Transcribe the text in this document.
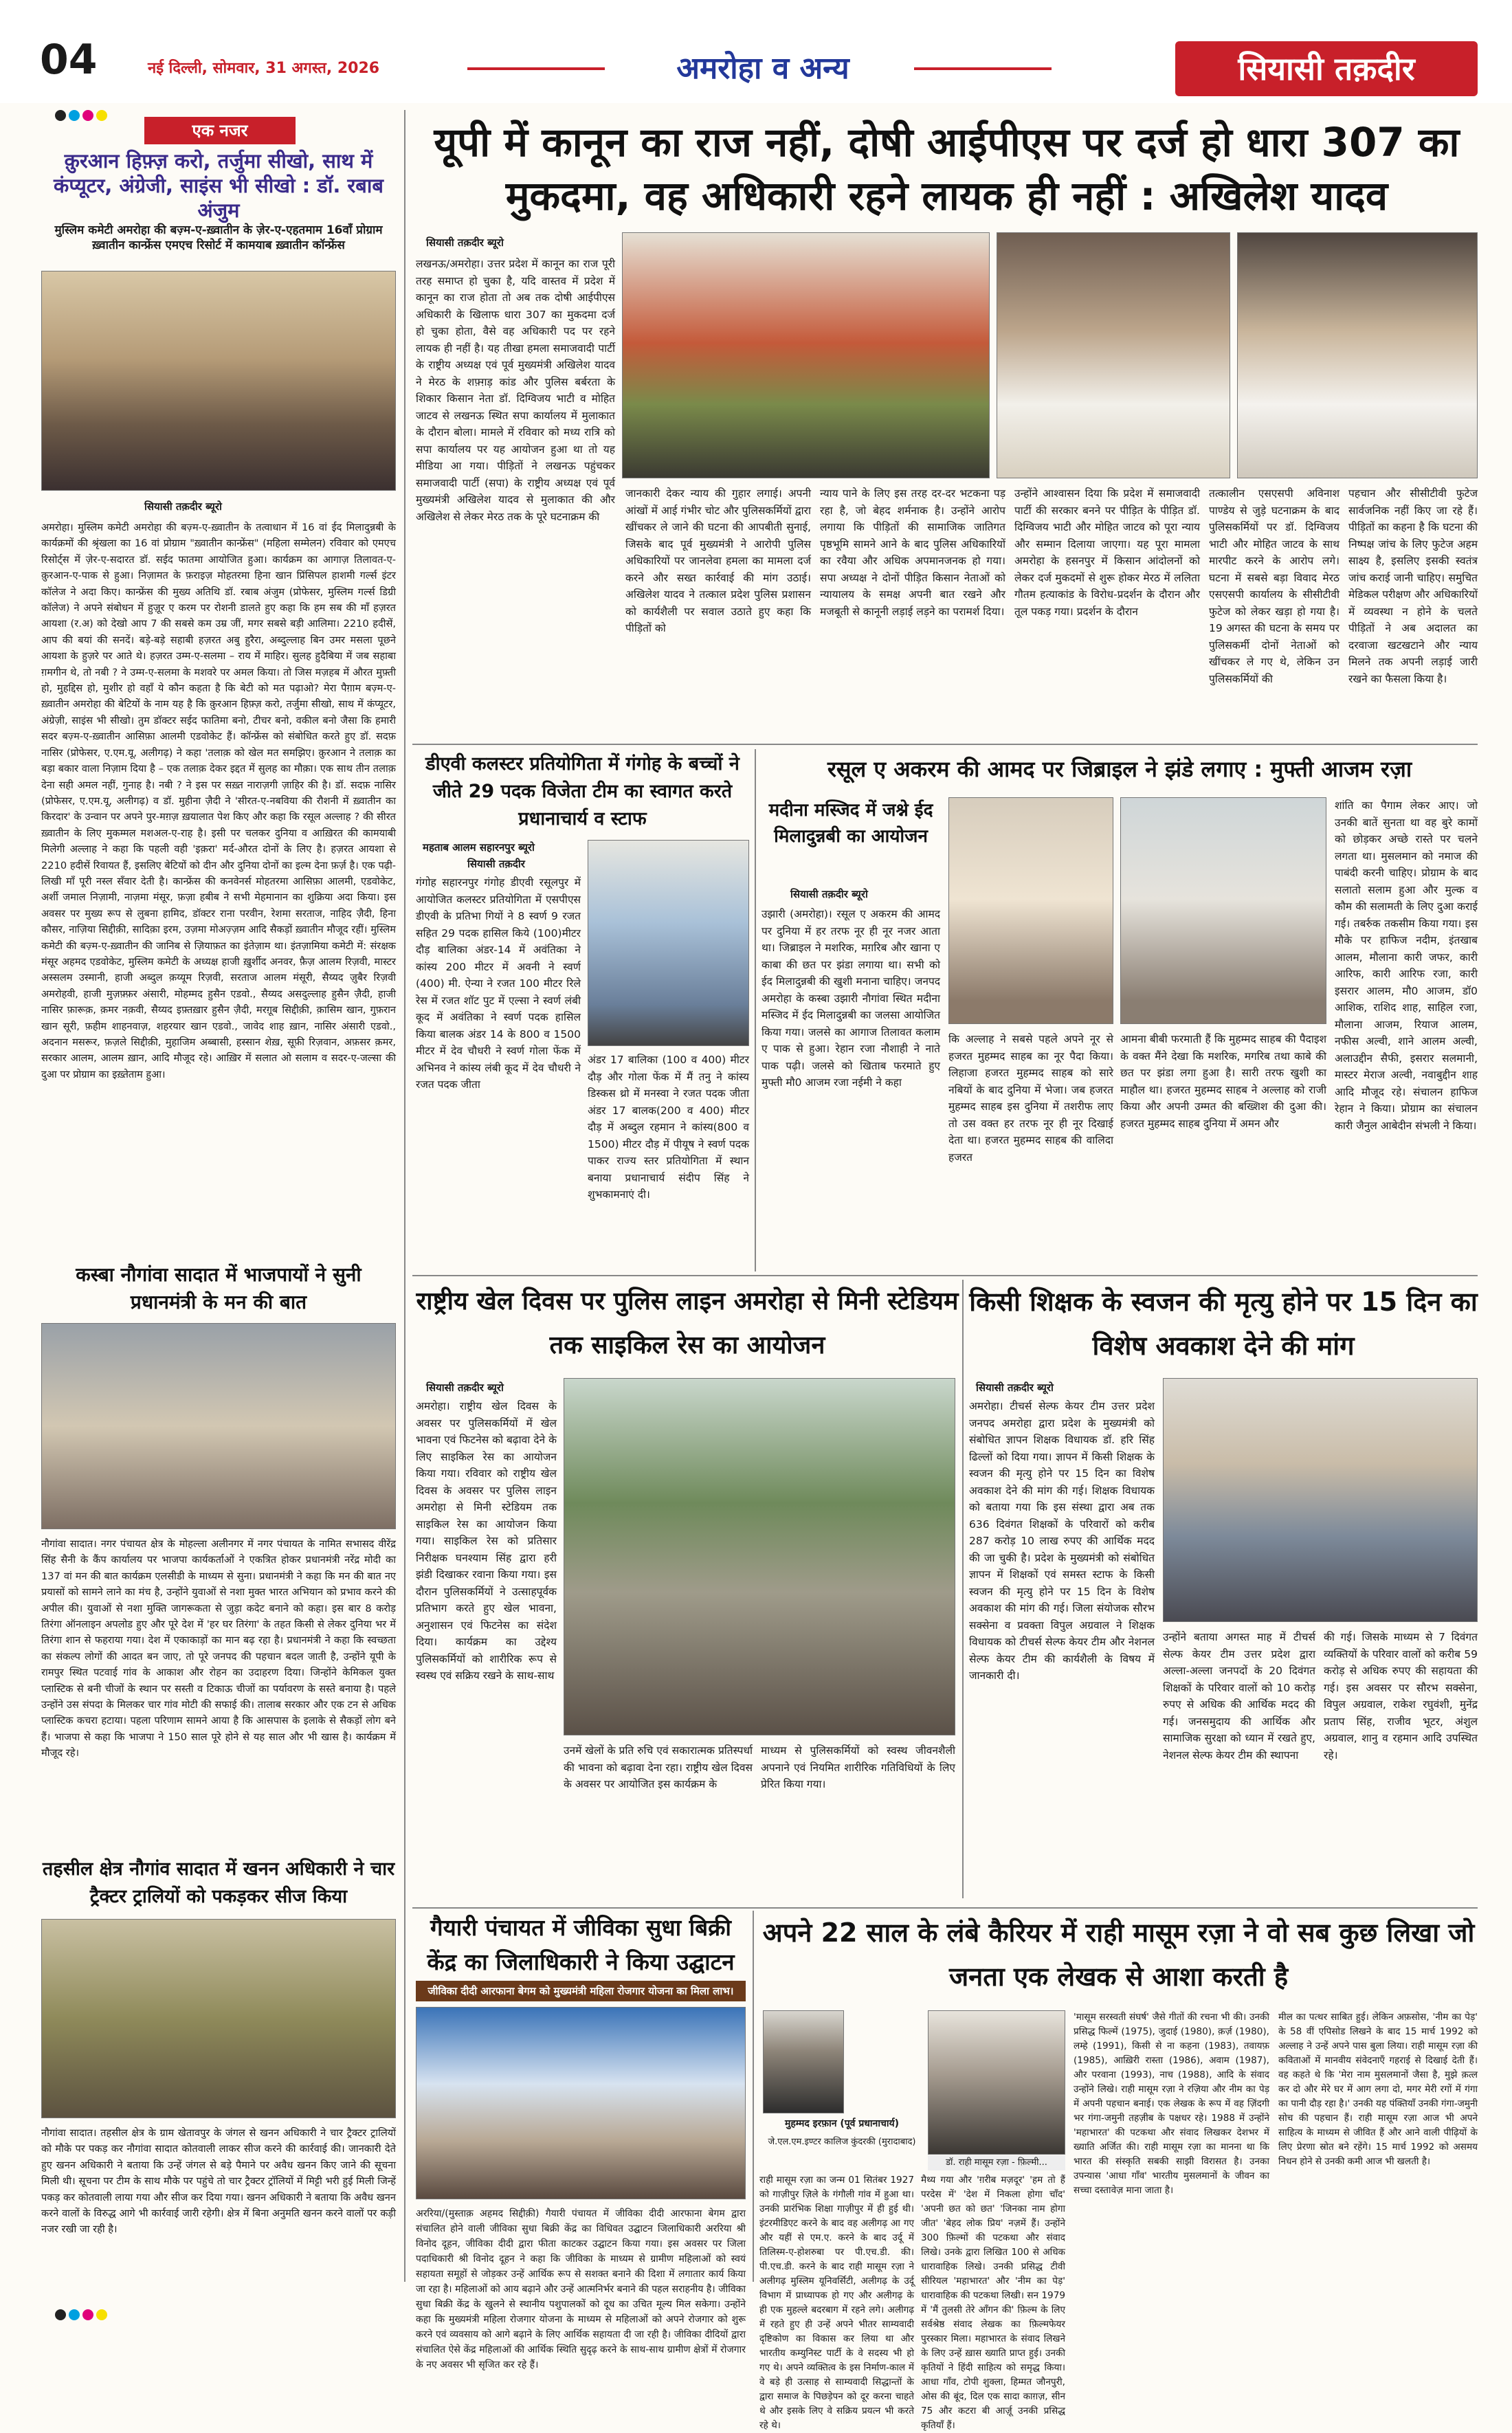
04	नई दिल्ली, सोमवार, 31 अगस्त, 2026	अमरोहा व अन्य	सियासी तक़दीर
एक नजर
क़ुरआन हिफ़्ज़ करो, तर्जुमा सीखो, साथ में कंप्यूटर, अंग्रेजी, साइंस भी सीखो : डॉ. रबाब अंजुम
मुस्लिम कमेटी अमरोहा की बज़्म-ए-ख़्वातीन के ज़ेर-ए-एहतमाम 16वाँ प्रोग्राम ख़्वातीन कान्फ्रेंस एमएच रिसोर्ट में कामयाब ख़्वातीन कॉन्फ्रेंस
सियासी तक़दीर ब्यूरो
अमरोहा। मुस्लिम कमेटी अमरोहा की बज़्म-ए-ख़्वातीन के तत्वाधान में 16 वां ईद मिलादुन्नबी के कार्यक्रमों की श्रृंखला का 16 वां प्रोग्राम "ख़्वातीन कान्फ्रेंस" (महिला सम्मेलन) रविवार को एमएच रिसोर्ट्स में ज़ेर-ए-सदारत डॉ. सईद फातमा आयोजित हुआ। कार्यक्रम का आगाज़ तिलावत-ए-क़ुरआन-ए-पाक से हुआ। निज़ामत के फ़राइज़ मोहतरमा हिना खान प्रिंसिपल हाशमी गर्ल्स इंटर कॉलेज ने अदा किए। कान्फ्रेंस की मुख्य अतिथि डॉ. रबाब अंजुम (प्रोफेसर, मुस्लिम गर्ल्स डिग्री कॉलेज) ने अपने संबोधन में हुज़ूर ए करम पर रोशनी डालते हुए कहा कि हम सब की माँ हज़रत आयशा (र.अ) को देखो आप 7 की सबसे कम उम्र जीं, मगर सबसे बड़ी आलिमा। 2210 हदीसें, आप की बयां की सनदें। बड़े-बड़े सहाबी हज़रत अबु हुरैरा, अब्दुल्लाह बिन उमर मसला पूछने आयशा के हुज़रे पर आते थे। हज़रत उम्म-ए-सलमा – राय में माहिर। सुलह हुदैबिया में जब सहाबा ग़मगीन थे, तो नबी ? ने उम्म-ए-सलमा के मशवरे पर अमल किया। तो जिस मज़हब में औरत मुफ़्ती हो, मुहद्दिस हो, मुशीर हो वहाँ ये कौन कहता है कि बेटी को मत पढ़ाओ? मेरा पैग़ाम बज़्म-ए-ख़्वातीन अमरोहा की बेटियों के नाम यह है कि क़ुरआन हिफ़्ज़ करो, तर्जुमा सीखो, साथ में कंप्यूटर, अंग्रेज़ी, साइंस भी सीखो। तुम डॉक्टर सईद फातिमा बनो, टीचर बनो, वकील बनो जैसा कि हमारी सदर बज़्म-ए-ख़्वातीन आसिफ़ा आलमी एडवोकेट हैं। कॉन्फ्रेंस को संबोधित करते हुए डॉ. सदफ़ नासिर (प्रोफेसर, ए.एम.यू, अलीगढ़) ने कहा 'तलाक़ को खेल मत समझिए। क़ुरआन ने तलाक़ का बड़ा बकार वाला निज़ाम दिया है – एक तलाक़ देकर इद्दत में सुलह का मौक़ा। एक साथ तीन तलाक़ देना सही अमल नहीं, गुनाह है। नबी ? ने इस पर सख़्त नाराज़गी ज़ाहिर की है। डॉ. सदफ़ नासिर (प्रोफेसर, ए.एम.यू, अलीगढ़) व डॉ. मुहीना ज़ैदी ने 'सीरत-ए-नबविया की रौशनी में ख़्वातीन का किरदार' के उन्वान पर अपने पुर-मग़ज़ ख़यालात पेश किए और कहा कि रसूल अल्लाह ? की सीरत ख़्वातीन के लिए मुकम्मल मशअल-ए-राह है। इसी पर चलकर दुनिया व आख़िरत की कामयाबी मिलेगी अल्लाह ने कहा कि पहली वही 'इक़रा' मर्द-औरत दोनों के लिए है। हज़रत आयशा से 2210 हदीसें रिवायत हैं, इसलिए बेटियों को दीन और दुनिया दोनों का इल्म देना फ़र्ज़ है। एक पढ़ी-लिखी माँ पूरी नस्ल सँवार देती है। कान्फ्रेंस की कनवेनर्स मोहतरमा आसिफ़ा आलमी, एडवोकेट, अर्शी जमाल निज़ामी, नाज़मा मंसूर, फ़ज़ा हबीब ने सभी मेहमानान का शुक्रिया अदा किया। इस अवसर पर मुख्य रूप से लुबना हामिद, डॉक्टर राना परवीन, रेशमा सरताज, नाहिद ज़ैदी, हिना कौसर, नाज़िया सिद्दीक़ी, सादिक़ा इरम, उज़मा मोअज़्ज़म आदि सैकड़ों ख़्वातीन मौजूद रहीं। मुस्लिम कमेटी की बज़्म-ए-ख़्वातीन की जानिब से ज़ियाफ़त का इंतेज़ाम था। इंतज़ामिया कमेटी में: संरक्षक मंसूर अहमद एडवोकेट, मुस्लिम कमेटी के अध्यक्ष हाजी ख़ुर्शीद अनवर, फ़ैज़ आलम रिज़वी, मास्टर अस्सलम उस्मानी, हाजी अब्दुल क़य्यूम रिज़वी, सरताज आलम मंसूरी, सैय्यद ज़ुबैर रिज़वी अमरोहवी, हाजी मुज़फ़्फ़र अंसारी, मोहम्मद हुसैन एडवो., सैय्यद असदुल्लाह हुसैन ज़ैदी, हाजी नासिर फ़ारूक़, क़मर नक़वी, सैय्यद इफ़्तख़ार हुसैन ज़ैदी, मरग़ूब सिद्दीक़ी, क़ासिम खान, गुफ़रान खान सूरी, फ़हीम शाहनवाज़, शहरयार खान एडवो., जावेद शाह ख़ान, नासिर अंसारी एडवो., अदनान मसरूर, फ़ज़ले सिद्दीक़ी, मुहाजिम अब्बासी, हस्सान शेख़, सूफ़ी रिज़वान, अफ़सर क़मर, सरकार आलम, आलम ख़ान, आदि मौजूद रहे। आख़िर में सलात ओ सलाम व सदर-ए-जल्सा की दुआ पर प्रोग्राम का इख़्तेताम हुआ।
कस्बा नौगांवा सादात में भाजपायों ने सुनी प्रधानमंत्री के मन की बात
नौगांवा सादात। नगर पंचायत क्षेत्र के मोहल्ला अलीनगर में नगर पंचायत के नामित सभासद वीरेंद्र सिंह सैनी के कैंप कार्यालय पर भाजपा कार्यकर्ताओं ने एकत्रित होकर प्रधानमंत्री नरेंद्र मोदी का 137 वां मन की बात कार्यक्रम एलसीडी के माध्यम से सुना। प्रधानमंत्री ने कहा कि मन की बात नए प्रयासों को सामने लाने का मंच है, उन्होंने युवाओं से नशा मुक्त भारत अभियान को प्रभाव करने की अपील की। युवाओं से नशा मुक्ति जागरूकता से जुड़ा कदेट बनाने को कहा। इस बार 8 करोड़ तिरंगा ऑनलाइन अपलोड हुए और पूरे देश में 'हर घर तिरंगा' के तहत किसी से लेकर दुनिया भर में तिरंगा शान से फहराया गया। देश में एकाकाड़ों का मान बढ़ रहा है। प्रधानमंत्री ने कहा कि स्वच्छता का संकल्प लोगों की आदत बन जाए, तो पूरे जनपद की पहचान बदल जाती है, उन्होंने यूपी के रामपुर स्थित पटवाई गांव के आकाश और रोहन का उदाहरण दिया। जिन्होंने केमिकल युक्त प्लास्टिक से बनी चीजों के स्थान पर सस्ती व टिकाऊ चीजों का पर्यावरण के सस्ते बनाया है। पहले उन्होंने उस संपदा के मिलकर चार गांव मोटी की सफाई की। तालाब सरकार और एक टन से अधिक प्लास्टिक कचरा हटाया। पहला परिणाम सामने आया है कि आसपास के इलाके से सैकड़ों लोग बने हैं। भाजपा से कहा कि भाजपा ने 150 साल पूरे होने से यह साल और भी खास है। कार्यक्रम में मौजूद रहे।
तहसील क्षेत्र नौगांव सादात में खनन अधिकारी ने चार ट्रैक्टर ट्रालियों को पकड़कर सीज किया
नौगांवा सादात। तहसील क्षेत्र के ग्राम खेतावपुर के जंगल से खनन अधिकारी ने चार ट्रैक्टर ट्रालियों को मौके पर पकड़ कर नौगांवा सादात कोतवाली लाकर सीज करने की कार्रवाई की। जानकारी देते हुए खनन अधिकारी ने बताया कि उन्हें जंगल से बड़े पैमाने पर अवैध खनन किए जाने की सूचना मिली थी। सूचना पर टीम के साथ मौके पर पहुंचे तो चार ट्रैक्टर ट्रॉलियों में मिट्टी भरी हुई मिली जिन्हें पकड़ कर कोतवाली लाया गया और सीज कर दिया गया। खनन अधिकारी ने बताया कि अवैध खनन करने वालों के विरुद्ध आगे भी कार्रवाई जारी रहेगी। क्षेत्र में बिना अनुमति खनन करने वालों पर कड़ी नजर रखी जा रही है।
यूपी में कानून का राज नहीं, दोषी आईपीएस पर दर्ज हो धारा 307 का मुकदमा, वह अधिकारी रहने लायक ही नहीं : अखिलेश यादव
सियासी तक़दीर ब्यूरो
लखनऊ/अमरोहा। उत्तर प्रदेश में कानून का राज पूरी तरह समाप्त हो चुका है, यदि वास्तव में प्रदेश में कानून का राज होता तो अब तक दोषी आईपीएस अधिकारी के खिलाफ धारा 307 का मुकदमा दर्ज हो चुका होता, वैसे वह अधिकारी पद पर रहने लायक ही नहीं है। यह तीखा हमला समाजवादी पार्टी के राष्ट्रीय अध्यक्ष एवं पूर्व मुख्यमंत्री अखिलेश यादव ने मेरठ के शफ़्ग़ड़ कांड और पुलिस बर्बरता के शिकार किसान नेता डॉ. दिग्विजय भाटी व मोहित जाटव से लखनऊ स्थित सपा कार्यालय में मुलाकात के दौरान बोला। मामले में रविवार को मध्य रात्रि को सपा कार्यालय पर यह आयोजन हुआ था तो यह मीडिया आ गया। पीड़ितों ने लखनऊ पहुंचकर समाजवादी पार्टी (सपा) के राष्ट्रीय अध्यक्ष एवं पूर्व मुख्यमंत्री अखिलेश यादव से मुलाकात की और अखिलेश से लेकर मेरठ तक के पूरे घटनाक्रम की
जानकारी देकर न्याय की गुहार लगाई। अपनी आंखों में आई गंभीर चोट और पुलिसकर्मियों द्वारा खींचकर ले जाने की घटना की आपबीती सुनाई, जिसके बाद पूर्व मुख्यमंत्री ने आरोपी पुलिस अधिकारियों पर जानलेवा हमला का मामला दर्ज करने और सख्त कार्रवाई की मांग उठाई। अखिलेश यादव ने तत्काल प्रदेश पुलिस प्रशासन को कार्यशैली पर सवाल उठाते हुए कहा कि पीड़ितों को
न्याय पाने के लिए इस तरह दर-दर भटकना पड़ रहा है, जो बेहद शर्मनाक है। उन्होंने आरोप लगाया कि पीड़ितों की सामाजिक जातिगत पृष्ठभूमि सामने आने के बाद पुलिस अधिकारियों का रवैया और अधिक अपमानजनक हो गया। सपा अध्यक्ष ने दोनों पीड़ित किसान नेताओं को न्यायालय के समक्ष अपनी बात रखने और मजबूती से कानूनी लड़ाई लड़ने का परामर्श दिया।
उन्होंने आश्वासन दिया कि प्रदेश में समाजवादी पार्टी की सरकार बनने पर पीड़ित के पीड़ित डॉ. दिग्विजय भाटी और मोहित जाटव को पूरा न्याय और सम्मान दिलाया जाएगा। यह पूरा मामला अमरोहा के हसनपुर में किसान आंदोलनों को लेकर दर्ज मुकदमों से शुरू होकर मेरठ में ललिता गौतम हत्याकांड के विरोध-प्रदर्शन के दौरान और तूल पकड़ गया। प्रदर्शन के दौरान
तत्कालीन एसएसपी अविनाश पाण्डेय से जुड़े घटनाक्रम के बाद पुलिसकर्मियों पर डॉ. दिग्विजय भाटी और मोहित जाटव के साथ मारपीट करने के आरोप लगे। घटना में सबसे बड़ा विवाद मेरठ एसएसपी कार्यालय के सीसीटीवी फुटेज को लेकर खड़ा हो गया है। 19 अगस्त की घटना के समय पर पुलिसकर्मी दोनों नेताओं को खींचकर ले गए थे, लेकिन उन पुलिसकर्मियों की
पहचान और सीसीटीवी फुटेज सार्वजनिक नहीं किए जा रहे हैं। पीड़ितों का कहना है कि घटना की निष्पक्ष जांच के लिए फुटेज अहम साक्ष्य है, इसलिए इसकी स्वतंत्र जांच कराई जानी चाहिए। समुचित मेडिकल परीक्षण और अधिकारियों में व्यवस्था न होने के चलते पीड़ितों ने अब अदालत का दरवाजा खटखटाने और न्याय मिलने तक अपनी लड़ाई जारी रखने का फैसला किया है।
डीएवी कलस्टर प्रतियोगिता में गंगोह के बच्चों ने जीते 29 पदक विजेता टीम का स्वागत करते प्रधानाचार्य व स्टाफ
महताब आलम सहारनपुर ब्यूरो
सियासी तक़दीर
गंगोह सहारनपुर गंगोह डीएवी रसूलपुर में आयोजित कलस्टर प्रतियोगिता में एसपीएस डीएवी के प्रतिभा गियों ने 8 स्वर्ण 9 रजत सहित 29 पदक हासिल किये (100)मीटर दौड़ बालिका अंडर-14 में अवंतिका ने कांस्य 200 मीटर में अवनी ने स्वर्ण (400) मी. ऐन्या ने रजत 100 मीटर रिले रेस में रजत शॉट पुट में एल्सा ने स्वर्ण लंबी कूद में अवंतिका ने स्वर्ण पदक हासिल किया बालक अंडर 14 के 800 व 1500 मीटर में देव चौधरी ने स्वर्ण गोला फेंक में अभिनव ने कांस्य लंबी कूद में देव चौधरी ने रजत पदक जीता
अंडर 17 बालिका (100 व 400) मीटर दौड़ और गोला फेंक में मैं तनु ने कांस्य डिस्कस थ्रो में मनस्वा ने रजत पदक जीता अंडर 17 बालक(200 व 400) मीटर दौड़ में अब्दुल रहमान ने कांस्य(800 व 1500) मीटर दौड़ में पीयूष ने स्वर्ण पदक पाकर राज्य स्तर प्रतियोगिता में स्थान बनाया प्रधानाचार्य संदीप सिंह ने शुभकामनाएं दी।
रसूल ए अकरम की आमद पर जिब्राइल ने झंडे लगाए : मुफ्ती आजम रज़ा
मदीना मस्जिद में जश्ने ईद मिलादुन्नबी का आयोजन
सियासी तक़दीर ब्यूरो
उझारी (अमरोहा)। रसूल ए अकरम की आमद पर दुनिया में हर तरफ नूर ही नूर नजर आता था। जिब्राइल ने मशरिक, मग़रिब और खाना ए काबा की छत पर झंडा लगाया था। सभी को ईद मिलादुन्नबी की खुशी मनाना चाहिए। जनपद अमरोहा के कस्बा उझारी नौगांवा स्थित मदीना मस्जिद में ईद मिलादुन्नबी का जलसा आयोजित किया गया। जलसे का आगाज तिलावत कलाम ए पाक से हुआ। रेहान रजा नौशाही ने नाते पाक पढ़ी। जलसे को खिताब फरमाते हुए मुफ्ती मौ0 आजम रजा नईमी ने कहा
कि अल्लाह ने सबसे पहले अपने नूर से हजरत मुहम्मद साहब का नूर पैदा किया। लिहाजा हजरत मुहम्मद साहब को सारे नबियों के बाद दुनिया में भेजा। जब हजरत मुहम्मद साहब इस दुनिया में तशरीफ लाए तो उस वक्त हर तरफ नूर ही नूर दिखाई देता था। हजरत मुहम्मद साहब की वालिदा हजरत
आमना बीबी फरमाती हैं कि मुहम्मद साहब की पैदाइश के वक्त मैंने देखा कि मशरिक, मगरिब तथा काबे की छत पर झंडा लगा हुआ है। सारी तरफ खुशी का माहौल था। हजरत मुहम्मद साहब ने अल्लाह को राजी किया और अपनी उम्मत की बख्शिश की दुआ की। हजरत मुहम्मद साहब दुनिया में अमन और
शांति का पैगाम लेकर आए। जो उनकी बातें सुनता था वह बुरे कामों को छोड़कर अच्छे रास्ते पर चलने लगता था। मुसलमान को नमाज की पाबंदी करनी चाहिए। प्रोग्राम के बाद सलातो सलाम हुआ और मुल्क व कौम की सलामती के लिए दुआ कराई गई। तबर्रुक तकसीम किया गया। इस मौके पर हाफिज नदीम, इंतखाब आलम, मौलाना कारी जफर, कारी आरिफ, कारी आरिफ रजा, कारी इसरार आलम, मौ0 आजम, डॉ0 आशिक, राशिद शाह, साहिल रजा, मौलाना आजम, रियाज आलम, नफीस अल्वी, शाने आलम अल्वी, अलाउद्दीन सैफी, इसरार सलमानी, मास्टर मेराज अल्वी, नवाबुद्दीन शाह आदि मौजूद रहे। संचालन हाफिज रेहान ने किया। प्रोग्राम का संचालन कारी जैनुल आबेदीन संभली ने किया।
राष्ट्रीय खेल दिवस पर पुलिस लाइन अमरोहा से मिनी स्टेडियम तक साइकिल रेस का आयोजन
सियासी तक़दीर ब्यूरो
अमरोहा। राष्ट्रीय खेल दिवस के अवसर पर पुलिसकर्मियों में खेल भावना एवं फिटनेस को बढ़ावा देने के लिए साइकिल रेस का आयोजन किया गया। रविवार को राष्ट्रीय खेल दिवस के अवसर पर पुलिस लाइन अमरोहा से मिनी स्टेडियम तक साइकिल रेस का आयोजन किया गया। साइकिल रेस को प्रतिसार निरीक्षक घनश्याम सिंह द्वारा हरी झंडी दिखाकर रवाना किया गया। इस दौरान पुलिसकर्मियों ने उत्साहपूर्वक प्रतिभाग करते हुए खेल भावना, अनुशासन एवं फिटनेस का संदेश दिया। कार्यक्रम का उद्देश्य पुलिसकर्मियों को शारीरिक रूप से स्वस्थ एवं सक्रिय रखने के साथ-साथ
उनमें खेलों के प्रति रुचि एवं सकारात्मक प्रतिस्पर्धा की भावना को बढ़ावा देना रहा। राष्ट्रीय खेल दिवस के अवसर पर आयोजित इस कार्यक्रम के
माध्यम से पुलिसकर्मियों को स्वस्थ जीवनशैली अपनाने एवं नियमित शारीरिक गतिविधियों के लिए प्रेरित किया गया।
किसी शिक्षक के स्वजन की मृत्यु होने पर 15 दिन का विशेष अवकाश देने की मांग
सियासी तक़दीर ब्यूरो
अमरोहा। टीचर्स सेल्फ केयर टीम उत्तर प्रदेश जनपद अमरोहा द्वारा प्रदेश के मुख्यमंत्री को संबोधित ज्ञापन शिक्षक विधायक डॉ. हरि सिंह ढिल्लों को दिया गया। ज्ञापन में किसी शिक्षक के स्वजन की मृत्यु होने पर 15 दिन का विशेष अवकाश देने की मांग की गई। शिक्षक विधायक को बताया गया कि इस संस्था द्वारा अब तक 636 दिवंगत शिक्षकों के परिवारों को करीब 287 करोड़ 10 लाख रुपए की आर्थिक मदद की जा चुकी है। प्रदेश के मुख्यमंत्री को संबोधित ज्ञापन में शिक्षकों एवं समस्त स्टाफ के किसी स्वजन की मृत्यु होने पर 15 दिन के विशेष अवकाश की मांग की गई। जिला संयोजक सौरभ सक्सेना व प्रवक्ता विपुल अग्रवाल ने शिक्षक विधायक को टीचर्स सेल्फ केयर टीम और नेशनल सेल्फ केयर टीम की कार्यशैली के विषय में जानकारी दी।
उन्होंने बताया अगस्त माह में टीचर्स सेल्फ केयर टीम उत्तर प्रदेश द्वारा अल्ला-अल्ला जनपदों के 20 दिवंगत शिक्षकों के परिवार वालों को 10 करोड़ रुपए से अधिक की आर्थिक मदद की गई। जनसमुदाय की आर्थिक और सामाजिक सुरक्षा को ध्यान में रखते हुए, नेशनल सेल्फ केयर टीम की स्थापना
की गई। जिसके माध्यम से 7 दिवंगत व्यक्तियों के परिवार वालों को करीब 59 करोड़ से अधिक रुपए की सहायता की गई। इस अवसर पर सौरभ सक्सेना, विपुल अग्रवाल, राकेश रघुवंशी, मुनेंद्र प्रताप सिंह, राजीव भूटर, अंशुल अग्रवाल, शानु व रहमान आदि उपस्थित रहे।
गैयारी पंचायत में जीविका सुधा बिक्री केंद्र का जिलाधिकारी ने किया उद्घाटन
जीविका दीदी आरफाना बेगम को मुख्यमंत्री महिला रोजगार योजना का मिला लाभ।
अररिया/(मुस्ताक़ अहमद सिद्दीक़ी) गैयारी पंचायत में जीविका दीदी आरफाना बेगम द्वारा संचालित होने वाली जीविका सुधा बिक्री केंद्र का विधिवत उद्घाटन जिलाधिकारी अररिया श्री विनोद दूहन, जीविका दीदी द्वारा फीता काटकर उद्घाटन किया गया। इस अवसर पर जिला पदाधिकारी श्री विनोद दूहन ने कहा कि जीविका के माध्यम से ग्रामीण महिलाओं को स्वयं सहायता समूहों से जोड़कर उन्हें आर्थिक रूप से सशक्त बनाने की दिशा में लगातार कार्य किया जा रहा है। महिलाओं को आय बढ़ाने और उन्हें आत्मनिर्भर बनाने की पहल सराहनीय है। जीविका सुधा बिक्री केंद्र के खुलने से स्थानीय पशुपालकों को दूध का उचित मूल्य मिल सकेगा। उन्होंने कहा कि मुख्यमंत्री महिला रोजगार योजना के माध्यम से महिलाओं को अपने रोजगार को शुरू करने एवं व्यवसाय को आगे बढ़ाने के लिए आर्थिक सहायता दी जा रही है। जीविका दीदियों द्वारा संचालित ऐसे केंद्र महिलाओं की आर्थिक स्थिति सुदृढ़ करने के साथ-साथ ग्रामीण क्षेत्रों में रोजगार के नए अवसर भी सृजित कर रहे हैं।
अपने 22 साल के लंबे कैरियर में राही मासूम रज़ा ने वो सब कुछ लिखा जो जनता एक लेखक से आशा करती है
मुहम्मद इरफ़ान (पूर्व प्रधानाचार्य)
जे.एल.एम.इण्टर कालिज कुंदरकी (मुरादाबाद)
डॉ. राही मासूम रज़ा - फ़िल्मी...
राही मासूम रज़ा का जन्म 01 सितंबर 1927 को गाज़ीपुर ज़िले के गंगौली गांव में हुआ था। उनकी प्रारंभिक शिक्षा गाज़ीपुर में ही हुई थी। इंटरमीडिएट करने के बाद वह अलीगढ़ आ गए और यहीं से एम.ए. करने के बाद उर्दू में तिलिस्म-ए-होशरुबा पर पी.एच.डी. की। पी.एच.डी. करने के बाद राही मासूम रज़ा ने अलीगढ़ मुस्लिम यूनिवर्सिटी, अलीगढ़ के उर्दू विभाग में प्राध्यापक हो गए और अलीगढ़ के ही एक मुहल्ले बदरबाग में रहने लगे। अलीगढ़ में रहते हुए ही उन्हें अपने भीतर साम्यवादी दृष्टिकोण का विकास कर लिया था और भारतीय कम्युनिस्ट पार्टी के वे सदस्य भी हो गए थे। अपने व्यक्तित्व के इस निर्माण-काल में वे बड़े ही उत्साह से साम्यवादी सिद्धान्तों के द्वारा समाज के पिछड़ेपन को दूर करना चाहते थे और इसके लिए वे सक्रिय प्रयत्न भी करते रहे थे।
मैथ्य गया और 'ग़रीब मज़दूर' 'हम तो हैं परदेस में' 'देश में निकला होगा चाँद' 'अपनी छत को छत' 'जिनका नाम होगा जीत' 'बेहद लोक प्रिय' नज़में हैं। उन्होंने 300 फ़िल्मों की पटकथा और संवाद लिखे। उनके द्वारा लिखित 100 से अधिक धारावाहिक लिखे। उनकी प्रसिद्ध टीवी सीरियल 'महाभारत' और 'नीम का पेड़' धारावाहिक की पटकथा लिखी। सन 1979 में 'मैं तुलसी तेरे आँगन की' फ़िल्म के लिए सर्वश्रेष्ठ संवाद लेखक का फ़िल्मफेयर पुरस्कार मिला। महाभारत के संवाद लिखने के लिए उन्हें ख़ास ख्याति प्राप्त हुई। उनकी कृतियों ने हिंदी साहित्य को समृद्ध किया। आधा गाँव, टोपी शुक्ला, हिम्मत जौनपुरी, ओस की बूंद, दिल एक सादा काग़ज़, सीन 75 और कटरा बी आर्ज़ू उनकी प्रसिद्ध कृतियाँ हैं।
'मासूम सरस्वती संघर्ष' जैसे गीतों की रचना भी की। उनकी प्रसिद्ध फिल्में (1975), जुदाई (1980), क़र्ज़ (1980), लम्हे (1991), किसी से ना कहना (1983), तवायफ़ (1985), आख़िरी रास्ता (1986), अवाम (1987), और परवाना (1993), नाच (1988), आदि के संवाद उन्होंने लिखे। राही मासूम रज़ा ने रज़िया और नीम का पेड़ में अपनी पहचान बनाई। एक लेखक के रूप में वह ज़िंदगी भर गंगा-जमुनी तहज़ीब के पक्षधर रहे। 1988 में उन्होंने 'महाभारत' की पटकथा और संवाद लिखकर देशभर में ख्याति अर्जित की। राही मासूम रज़ा का मानना था कि भारत की संस्कृति सबकी साझी विरासत है। उनका उपन्यास 'आधा गाँव' भारतीय मुसलमानों के जीवन का सच्चा दस्तावेज़ माना जाता है।
मील का पत्थर साबित हुई। लेकिन अफ़सोस, 'नीम का पेड़' के 58 वीं एपिसोड लिखने के बाद 15 मार्च 1992 को अल्लाह ने उन्हें अपने पास बुला लिया। राही मासूम रज़ा की कविताओं में मानवीय संवेदनाएँ गहराई से दिखाई देती हैं। वह कहते थे कि 'मेरा नाम मुसलमानों जैसा है, मुझे क़त्ल कर दो और मेरे घर में आग लगा दो, मगर मेरी रगों में गंगा का पानी दौड़ रहा है।' उनकी यह पंक्तियाँ उनकी गंगा-जमुनी सोच की पहचान हैं। राही मासूम रज़ा आज भी अपने साहित्य के माध्यम से जीवित हैं और आने वाली पीढ़ियों के लिए प्रेरणा स्रोत बने रहेंगे। 15 मार्च 1992 को असमय निधन होने से उनकी कमी आज भी खलती है।
